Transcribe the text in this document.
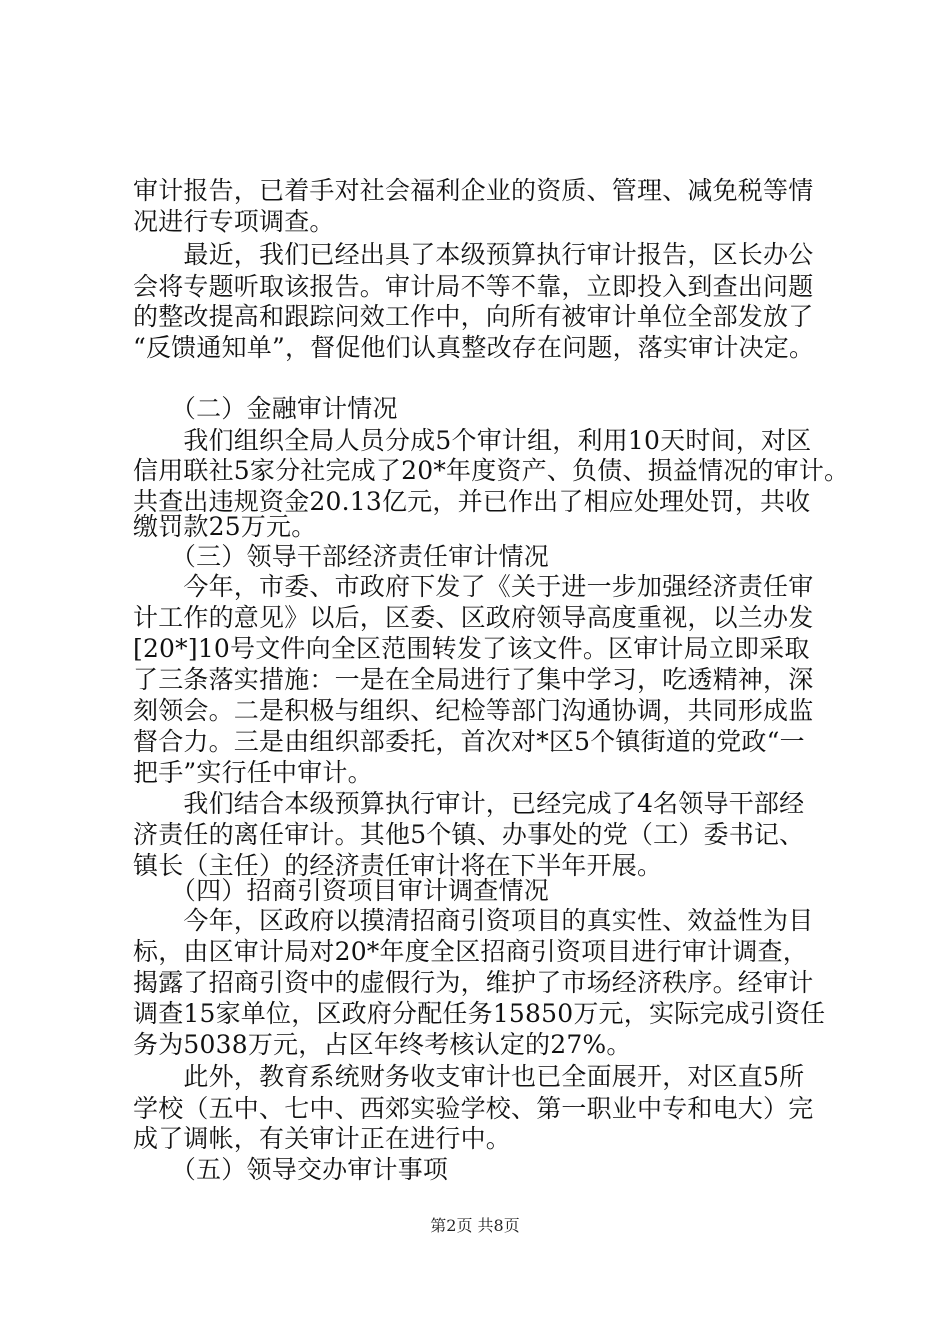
审计报告，已着手对社会福利企业的资质、管理、减免税等情
况进行专项调查。
　　最近，我们已经出具了本级预算执行审计报告，区长办公
会将专题听取该报告。审计局不等不靠，立即投入到查出问题
的整改提高和跟踪问效工作中，向所有被审计单位全部发放了
“反馈通知单”，督促他们认真整改存在问题，落实审计决定。
　　（二）金融审计情况
　　我们组织全局人员分成5个审计组，利用10天时间，对区
信用联社5家分社完成了20*年度资产、负债、损益情况的审计。
共查出违规资金20.13亿元，并已作出了相应处理处罚，共收
缴罚款25万元。
　　（三）领导干部经济责任审计情况
　　今年，市委、市政府下发了《关于进一步加强经济责任审
计工作的意见》以后，区委、区政府领导高度重视，以兰办发
[20*]10号文件向全区范围转发了该文件。区审计局立即采取
了三条落实措施：一是在全局进行了集中学习，吃透精神，深
刻领会。二是积极与组织、纪检等部门沟通协调，共同形成监
督合力。三是由组织部委托，首次对*区5个镇街道的党政“一
把手”实行任中审计。
　　我们结合本级预算执行审计，已经完成了4名领导干部经
济责任的离任审计。其他5个镇、办事处的党（工）委书记、
镇长（主任）的经济责任审计将在下半年开展。
　　（四）招商引资项目审计调查情况
　　今年，区政府以摸清招商引资项目的真实性、效益性为目
标，由区审计局对20*年度全区招商引资项目进行审计调查，
揭露了招商引资中的虚假行为，维护了市场经济秩序。经审计
调查15家单位，区政府分配任务15850万元，实际完成引资任
务为5038万元，占区年终考核认定的27%。
　　此外，教育系统财务收支审计也已全面展开，对区直5所
学校（五中、七中、西郊实验学校、第一职业中专和电大）完
成了调帐，有关审计正在进行中。
　　（五）领导交办审计事项
第2页 共8页
